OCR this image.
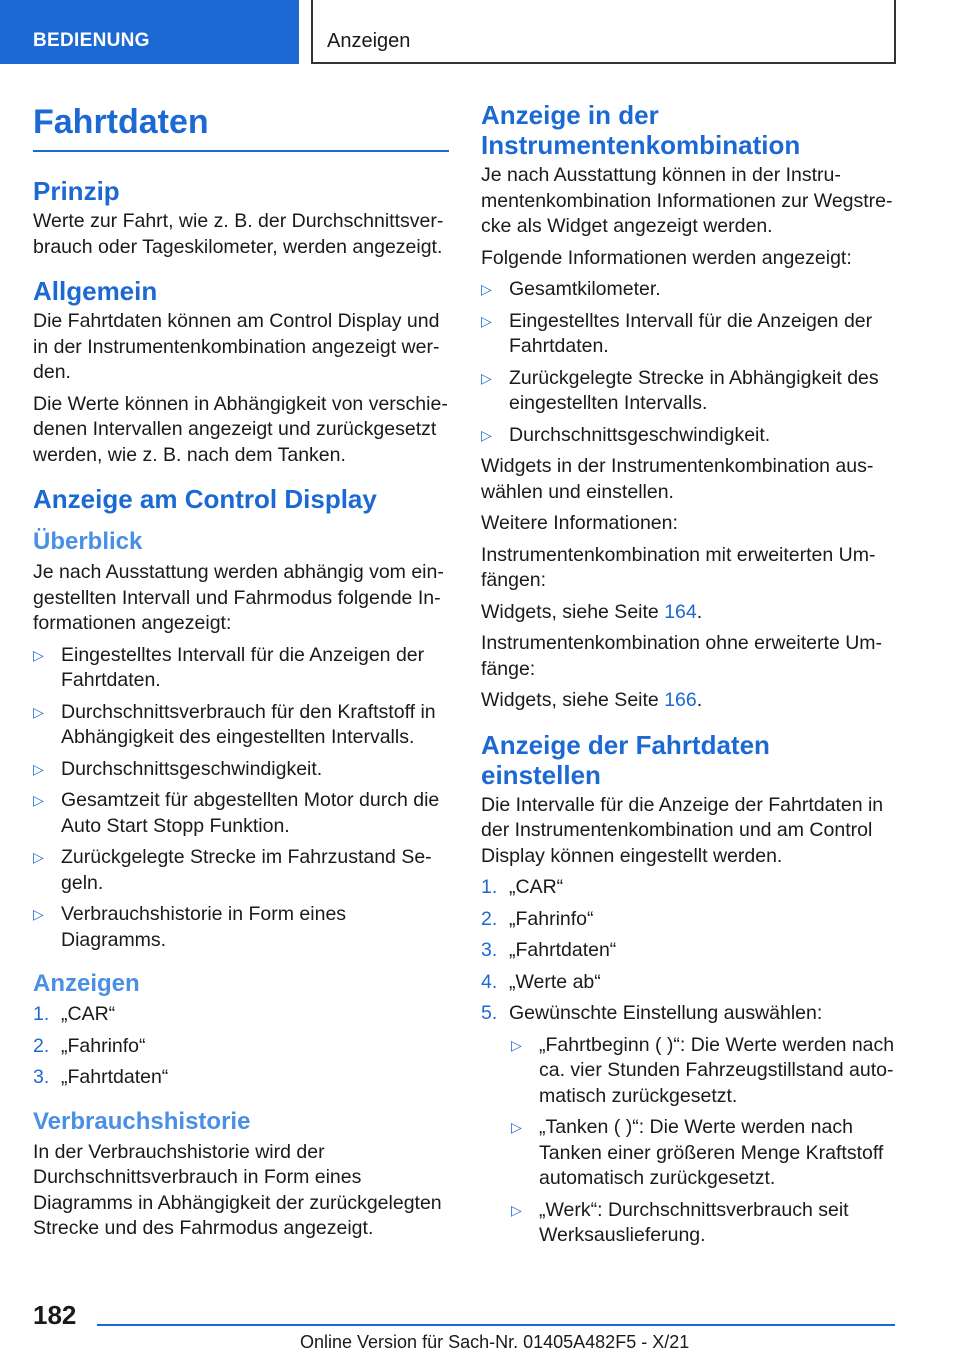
BEDIENUNG	Anzeigen
Fahrtdaten
Prinzip

Werte zur Fahrt, wie z. B. der Durchschnittsverbrauch oder Tageskilometer, werden angezeigt.

Allgemein

Die Fahrtdaten können am Control Display und in der Instrumentenkombination angezeigt werden.

Die Werte können in Abhängigkeit von verschiedenen Intervallen angezeigt und zurückgesetzt werden, wie z. B. nach dem Tanken.

Anzeige am Control Display
Überblick

Je nach Ausstattung werden abhängig vom eingestellten Intervall und Fahrmodus folgende Informationen angezeigt:

▷ Eingestelltes Intervall für die Anzeigen der Fahrtdaten.
▷ Durchschnittsverbrauch für den Kraftstoff in Abhängigkeit des eingestellten Intervalls.
▷ Durchschnittsgeschwindigkeit.
▷ Gesamtzeit für abgestellten Motor durch die Auto Start Stopp Funktion.
▷ Zurückgelegte Strecke im Fahrzustand Segeln.
▷ Verbrauchshistorie in Form eines Diagramms.
Anzeigen
1. „CAR“
2. „Fahrinfo“
3. „Fahrtdaten“
Verbrauchshistorie

In der Verbrauchshistorie wird der Durchschnittsverbrauch in Form eines Diagramms in Abhängigkeit der zurückgelegten Strecke und des Fahrmodus angezeigt.

Anzeige in der Instrumentenkombination

Je nach Ausstattung können in der Instrumentenkombination Informationen zur Wegstrecke als Widget angezeigt werden.

Folgende Informationen werden angezeigt:

▷ Gesamtkilometer.
▷ Eingestelltes Intervall für die Anzeigen der Fahrtdaten.
▷ Zurückgelegte Strecke in Abhängigkeit des eingestellten Intervalls.
▷ Durchschnittsgeschwindigkeit.

Widgets in der Instrumentenkombination auswählen und einstellen.

Weitere Informationen:

Instrumentenkombination mit erweiterten Umfängen:

Widgets, siehe Seite 164.

Instrumentenkombination ohne erweiterte Umfänge:

Widgets, siehe Seite 166.

Anzeige der Fahrtdaten einstellen

Die Intervalle für die Anzeige der Fahrtdaten in der Instrumentenkombination und am Control Display können eingestellt werden.

1. „CAR“
2. „Fahrinfo“
3. „Fahrtdaten“
4. „Werte ab“
5. Gewünschte Einstellung auswählen:
▷ „Fahrtbeginn ( )“: Die Werte werden nach ca. vier Stunden Fahrzeugstillstand automatisch zurückgesetzt.
▷ „Tanken ( )“: Die Werte werden nach Tanken einer größeren Menge Kraftstoff automatisch zurückgesetzt.
▷ „Werk“: Durchschnittsverbrauch seit Werksauslieferung.
182
Online Version für Sach-Nr. 01405A482F5 - X/21
